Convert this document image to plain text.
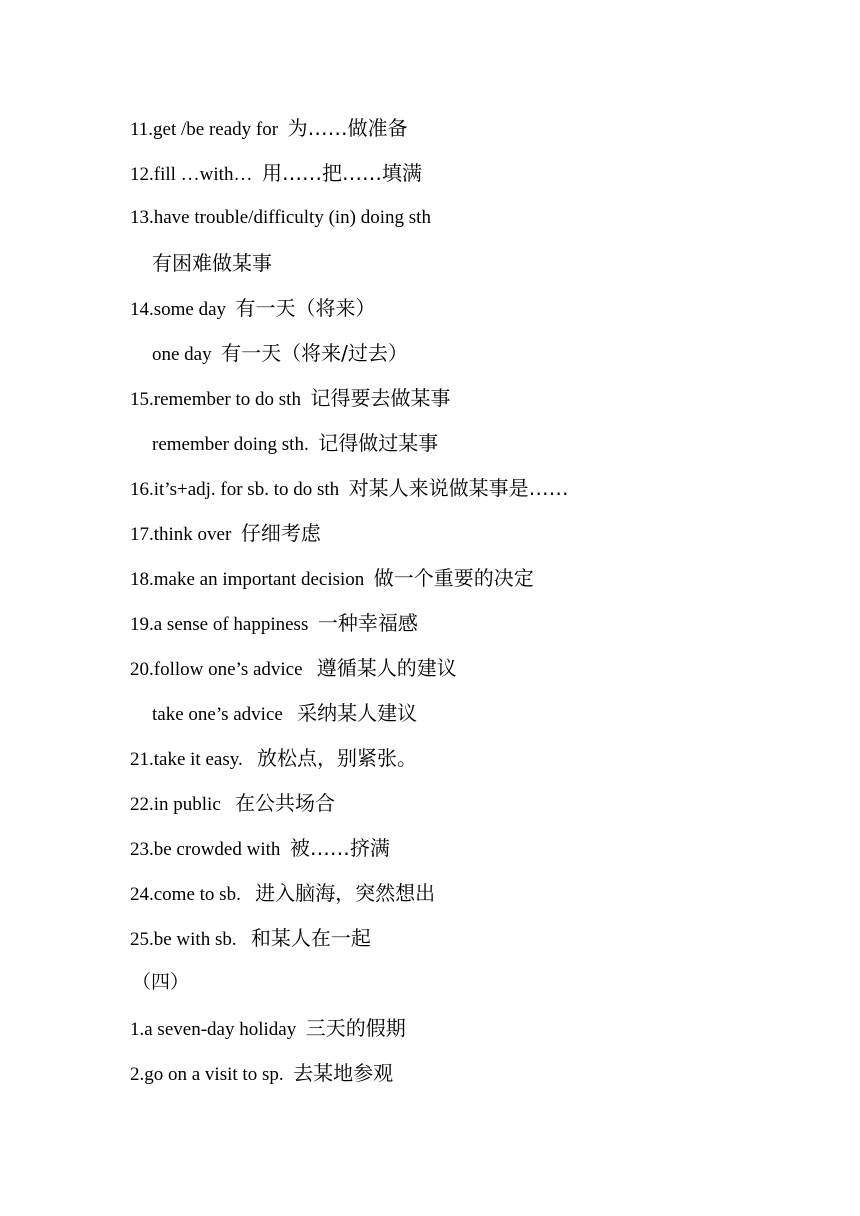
11.get /be ready for 为……做准备
12.fill …with… 用……把……填满
13.have trouble/difficulty (in) doing sth
有困难做某事
14.some day 有一天（将来）
one day 有一天（将来/过去）
15.remember to do sth 记得要去做某事
remember doing sth. 记得做过某事
16.it’s+adj. for sb. to do sth 对某人来说做某事是……
17.think over 仔细考虑
18.make an important decision 做一个重要的决定
19.a sense of happiness 一种幸福感
20.follow one’s advice 遵循某人的建议
take one’s advice 采纳某人建议
21.take it easy. 放松点，别紧张。
22.in public 在公共场合
23.be crowded with 被……挤满
24.come to sb. 进入脑海，突然想出
25.be with sb. 和某人在一起
（四）
1.a seven-day holiday 三天的假期
2.go on a visit to sp. 去某地参观
